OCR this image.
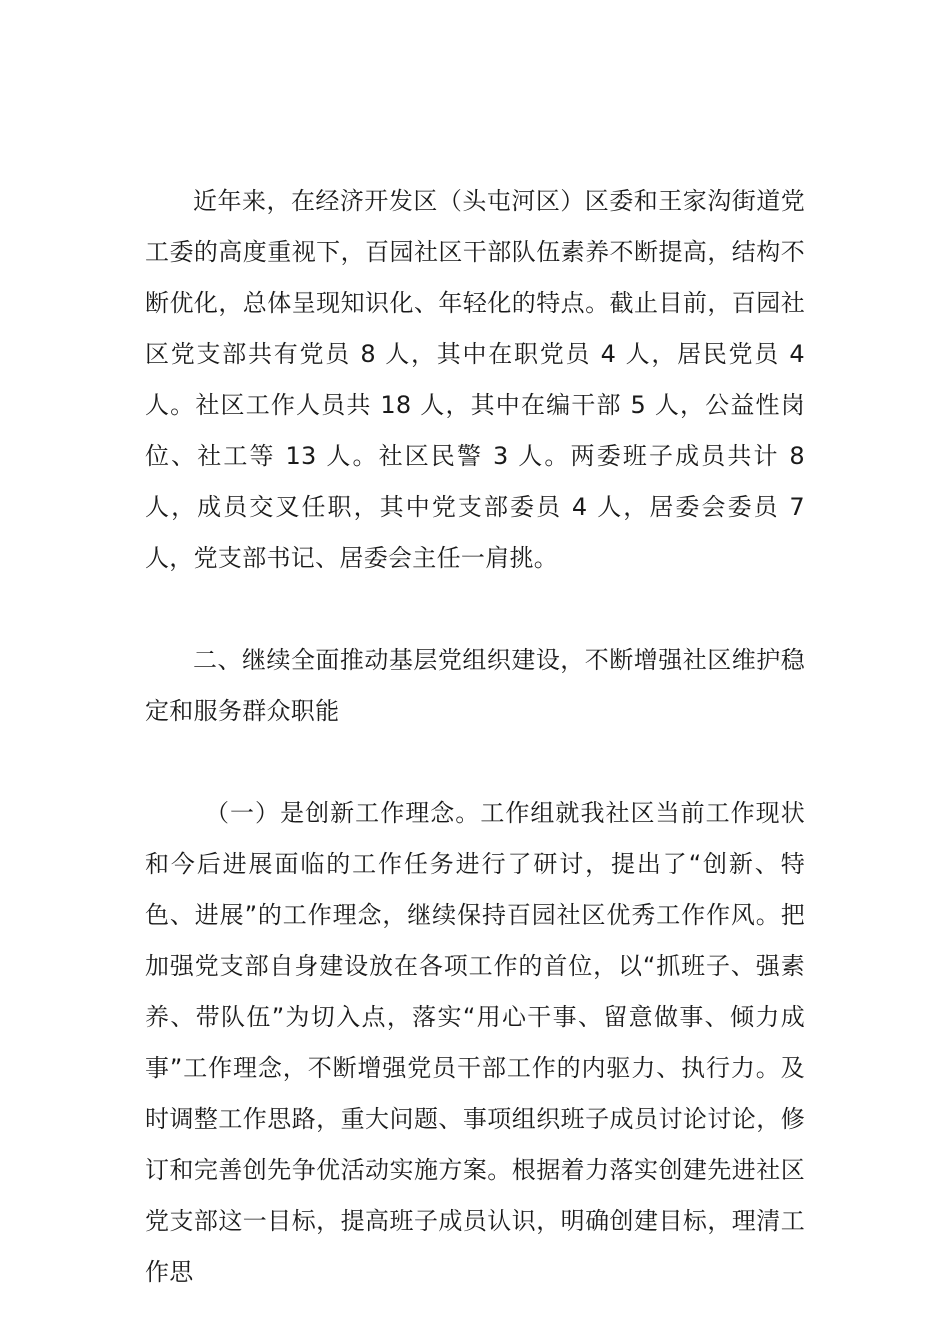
近年来，在经济开发区（头屯河区）区委和王家沟街道党工委的高度重视下，百园社区干部队伍素养不断提高，结构不断优化，总体呈现知识化、年轻化的特点。截止目前，百园社区党支部共有党员 8 人，其中在职党员 4 人，居民党员 4 人。社区工作人员共 18 人，其中在编干部 5 人，公益性岗位、社工等 13 人。社区民警 3 人。两委班子成员共计 8 人，成员交叉任职，其中党支部委员 4 人，居委会委员 7 人，党支部书记、居委会主任一肩挑。

二、继续全面推动基层党组织建设，不断增强社区维护稳定和服务群众职能

（一）是创新工作理念。工作组就我社区当前工作现状和今后进展面临的工作任务进行了研讨，提出了“创新、特色、进展”的工作理念，继续保持百园社区优秀工作作风。把加强党支部自身建设放在各项工作的首位，以“抓班子、强素养、带队伍”为切入点，落实“用心干事、留意做事、倾力成事”工作理念，不断增强党员干部工作的内驱力、执行力。及时调整工作思路，重大问题、事项组织班子成员讨论讨论，修订和完善创先争优活动实施方案。根据着力落实创建先进社区党支部这一目标，提高班子成员认识，明确创建目标，理清工作思
